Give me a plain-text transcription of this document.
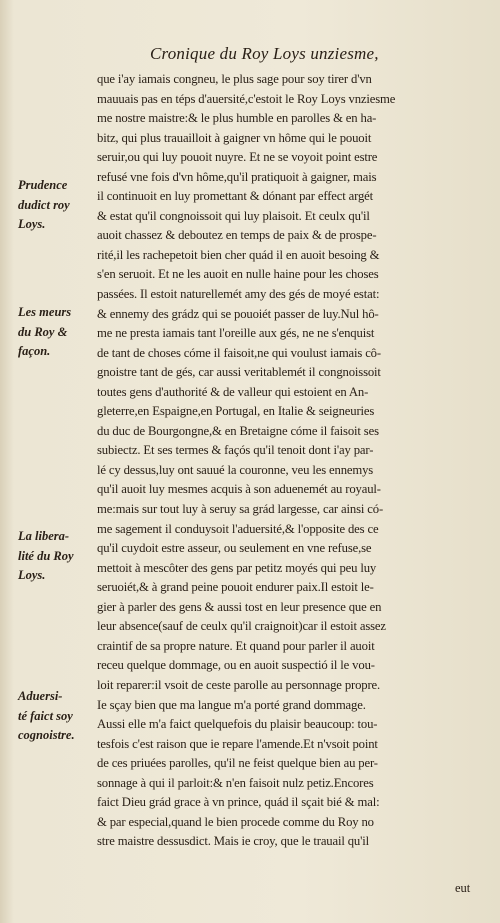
Cronique du Roy Loys unziesme,
Prudence
dudict roy
Loys.
Les meurs
du Roy &
façon.
La libera-
lité du Roy
Loys.
Aduersi-
té faict soy
cognoistre.
que i'ay iamais congneu, le plus sage pour soy tirer d'vn
mauuais pas en téps d'auersité,c'estoit le Roy Loys vnziesme
me nostre maistre:& le plus humble en parolles & en ha-
bitz, qui plus trauailloit à gaigner vn hôme qui le pouoit
seruir,ou qui luy pouoit nuyre. Et ne se voyoit point estre
refusé vne fois d'vn hôme,qu'il pratiquoit à gaigner, mais
il continuoit en luy promettant & dónant par effect argét
& estat qu'il congnoissoit qui luy plaisoit. Et ceulx qu'il
auoit chassez & deboutez en temps de paix & de prospe-
rité,il les rachepetoit bien cher quád il en auoit besoing &
s'en seruoit. Et ne les auoit en nulle haine pour les choses
passées. Il estoit naturellemét amy des gés de moyé estat:
& ennemy des grádz qui se pouoiét passer de luy.Nul hô-
me ne presta iamais tant l'oreille aux gés, ne ne s'enquist
de tant de choses cóme il faisoit,ne qui voulust iamais cô-
gnoistre tant de gés, car aussi veritablemét il congnoissoit
toutes gens d'authorité & de valleur qui estoient en An-
gleterre,en Espaigne,en Portugal, en Italie & seigneuries
du duc de Bourgongne,& en Bretaigne cóme il faisoit ses
subiectz. Et ses termes & façós qu'il tenoit dont i'ay par-
lé cy dessus,luy ont sauué la couronne, veu les ennemys
qu'il auoit luy mesmes acquis à son aduenemét au royaul-
me:mais sur tout luy à seruy sa grád largesse, car ainsi có-
me sagement il conduysoit l'aduersité,& l'opposite des ce
qu'il cuydoit estre asseur, ou seulement en vne refuse,se
mettoit à mescôter des gens par petitz moyés qui peu luy
seruoiét,& à grand peine pouoit endurer paix.Il estoit le-
gier à parler des gens & aussi tost en leur presence que en
leur absence(sauf de ceulx qu'il craignoit)car il estoit assez
craintif de sa propre nature. Et quand pour parler il auoit
receu quelque dommage, ou en auoit suspectió il le vou-
loit reparer:il vsoit de ceste parolle au personnage propre.
Ie sçay bien que ma langue m'a porté grand dommage.
Aussi elle m'a faict quelquefois du plaisir beaucoup: tou-
tesfois c'est raison que ie repare l'amende.Et n'vsoit point
de ces priuées parolles, qu'il ne feist quelque bien au per-
sonnage à qui il parloit:& n'en faisoit nulz petiz.Encores
faict Dieu grád grace à vn prince, quád il sçait bié & mal:
& par especial,quand le bien procede comme du Roy no
stre maistre dessusdict. Mais ie croy, que le trauail qu'il
eut
